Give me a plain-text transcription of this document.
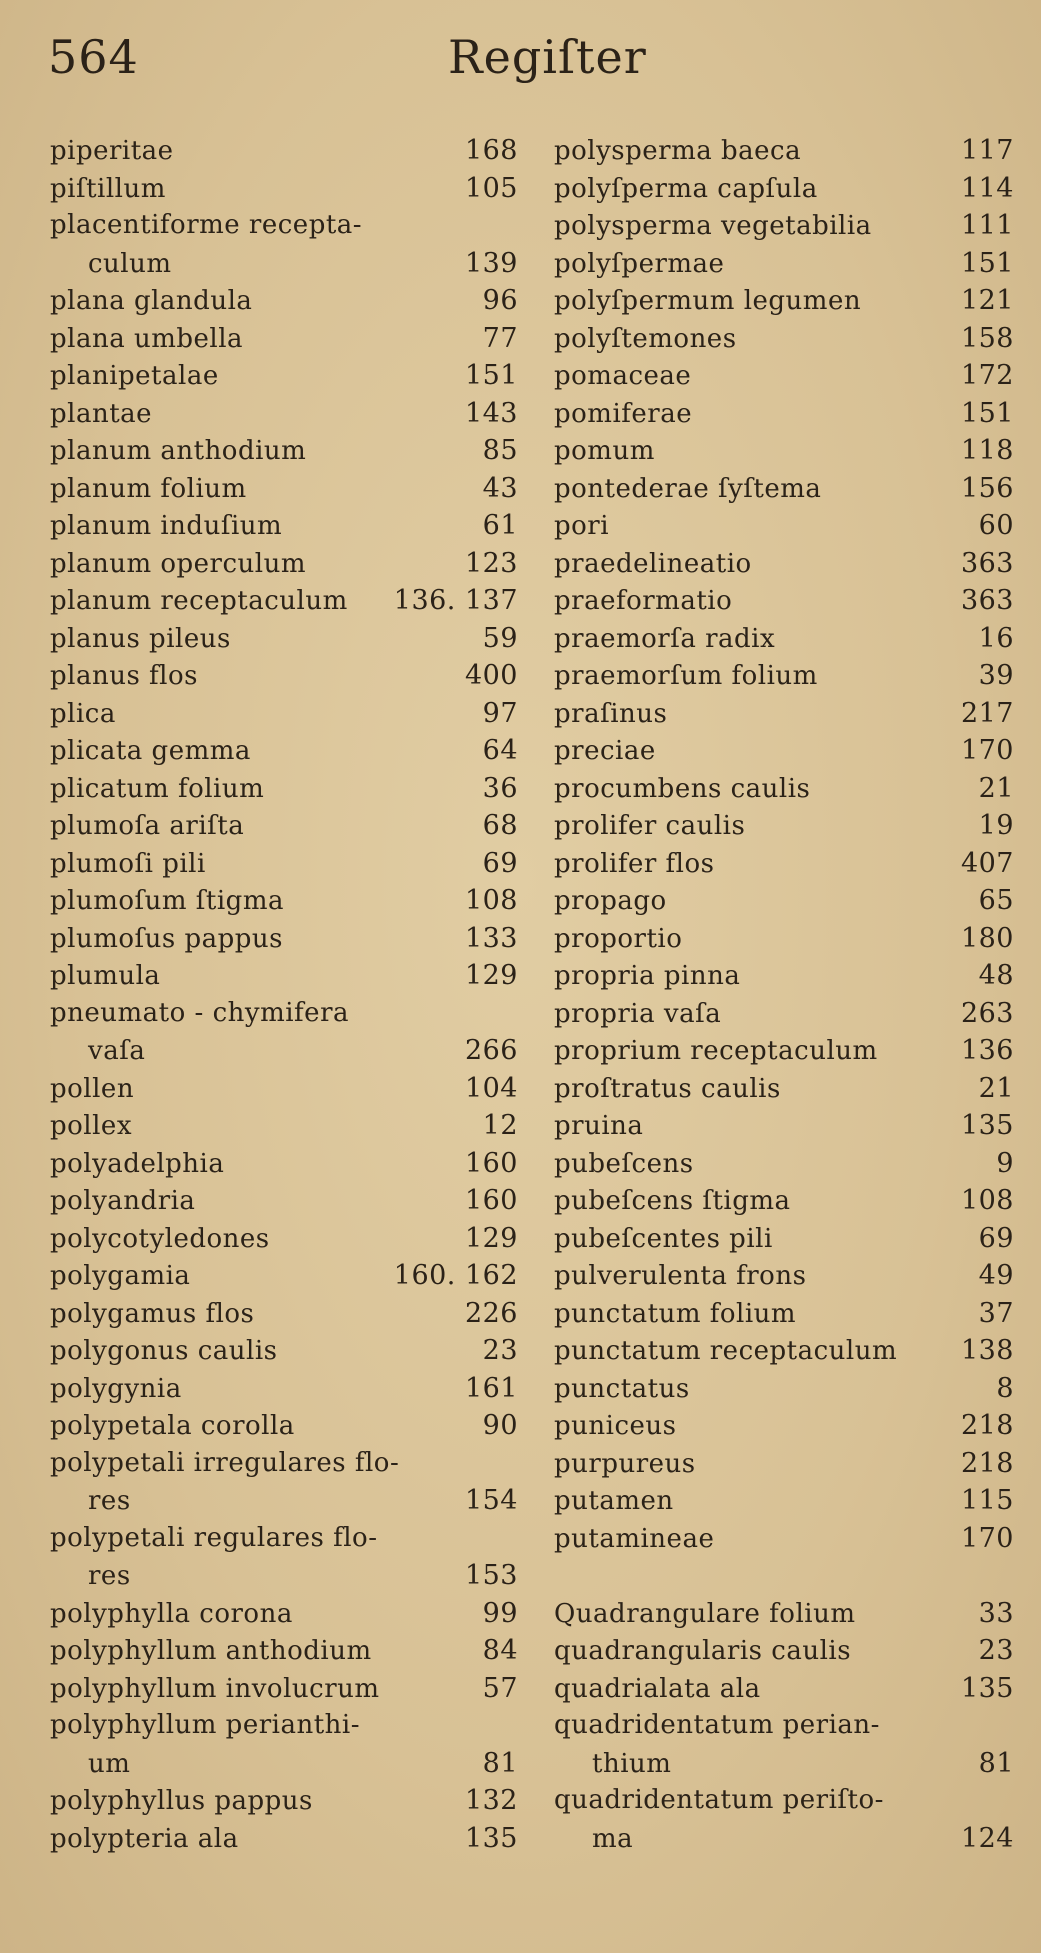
564	Regiſter
piperitae	168
piſtillum	105
placentiforme recepta-
culum	139
plana glandula	96
plana umbella	77
planipetalae	151
plantae	143
planum anthodium	85
planum folium	43
planum induſium	61
planum operculum	123
planum receptaculum 136. 137
planus pileus	59
planus flos	400
plica	97
plicata gemma	64
plicatum folium	36
plumoſa ariſta	68
plumoſi pili	69
plumoſum ſtigma	108
plumoſus pappus	133
plumula	129
pneumato - chymifera
vaſa	266
pollen	104
pollex	12
polyadelphia	160
polyandria	160
polycotyledones	129
polygamia	160. 162
polygamus flos	226
polygonus caulis	23
polygynia	161
polypetala corolla	90
polypetali irregulares flo-
res	154
polypetali regulares flo-
res	153
polyphylla corona	99
polyphyllum anthodium	84
polyphyllum involucrum	57
polyphyllum perianthi-
um	81
polyphyllus pappus	132
polypteria ala	135
polysperma baeca	117
polyſperma capſula	114
polysperma vegetabilia	111
polyſpermae	151
polyſpermum legumen	121
polyſtemones	158
pomaceae	172
pomiferae	151
pomum	118
pontederae ſyſtema	156
pori	60
praedelineatio	363
praeformatio	363
praemorſa radix	16
praemorſum folium	39
praſinus	217
preciae	170
procumbens caulis	21
prolifer caulis	19
prolifer flos	407
propago	65
proportio	180
propria pinna	48
propria vaſa	263
proprium receptaculum	136
proſtratus caulis	21
pruina	135
pubeſcens	9
pubeſcens ſtigma	108
pubeſcentes pili	69
pulverulenta frons	49
punctatum folium	37
punctatum receptaculum 138
punctatus	8
puniceus	218
purpureus	218
putamen	115
putamineae	170
Quadrangulare folium	33
quadrangularis caulis	23
quadrialata ala	135
quadridentatum perian-
thium	81
quadridentatum periſto-
ma	124
